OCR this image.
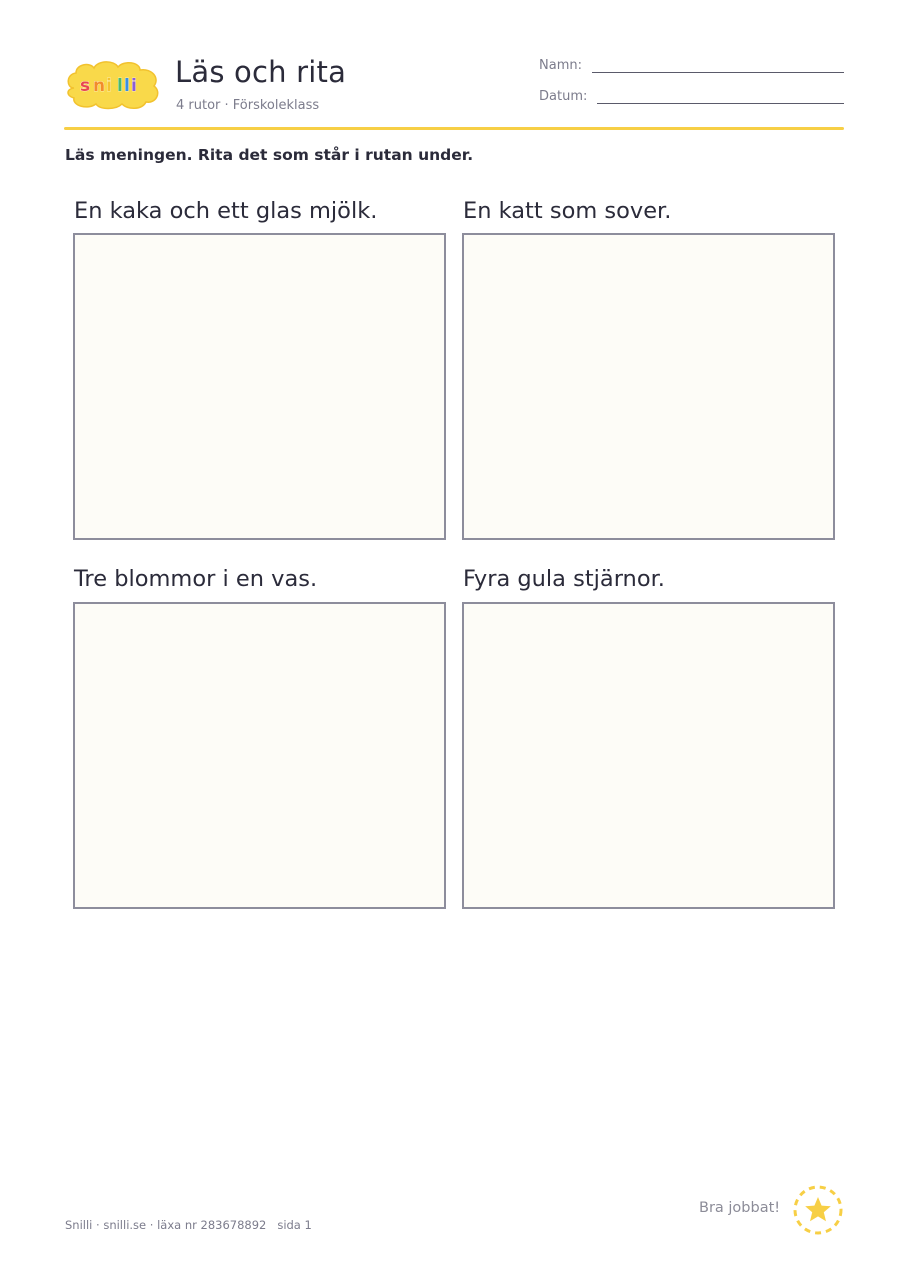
s n i l l i Läs och rita
4 rutor · Förskoleklass
Namn:
Datum:
Läs meningen. Rita det som står i rutan under.
En kaka och ett glas mjölk.	En katt som sover.
Tre blommor i en vas.	Fyra gula stjärnor.
Snilli · snilli.se · läxa nr 283678892   sida 1
Bra jobbat!
